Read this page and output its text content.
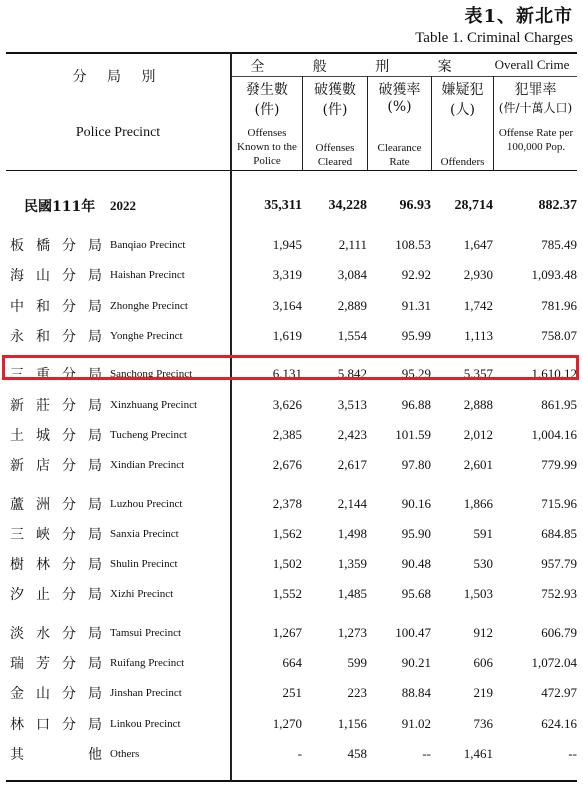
表1、新北市
Table 1. Criminal Charges
分 局 別
Police Precinct
全 般 刑 案	Overall Crime
發生數
(件)
Offenses Known to the Police
破獲數
(件)
Offenses Cleared
破獲率
(%)
Clearance Rate
嫌疑犯
(人)
Offenders
犯罪率
(件/十萬人口)
Offense Rate per 100,000 Pop.
民國111年	2022	35,311	34,228	96.93	28,714	882.37

板 橋 分 局	Banqiao Precinct	1,945	2,111	108.53	1,647	785.49

海 山 分 局	Haishan Precinct	3,319	3,084	92.92	2,930	1,093.48

中 和 分 局	Zhonghe Precinct	3,164	2,889	91.31	1,742	781.96

永 和 分 局	Yonghe Precinct	1,619	1,554	95.99	1,113	758.07

三 重 分 局	Sanchong Precinct	6,131	5,842	95.29	5,357	1,610.12

新 莊 分 局	Xinzhuang Precinct	3,626	3,513	96.88	2,888	861.95

土 城 分 局	Tucheng Precinct	2,385	2,423	101.59	2,012	1,004.16

新 店 分 局	Xindian Precinct	2,676	2,617	97.80	2,601	779.99

蘆 洲 分 局	Luzhou Precinct	2,378	2,144	90.16	1,866	715.96

三 峽 分 局	Sanxia Precinct	1,562	1,498	95.90	591	684.85

樹 林 分 局	Shulin Precinct	1,502	1,359	90.48	530	957.79

汐 止 分 局	Xizhi Precinct	1,552	1,485	95.68	1,503	752.93

淡 水 分 局	Tamsui Precinct	1,267	1,273	100.47	912	606.79

瑞 芳 分 局	Ruifang Precinct	664	599	90.21	606	1,072.04

金 山 分 局	Jinshan Precinct	251	223	88.84	219	472.97

林 口 分 局	Linkou Precinct	1,270	1,156	91.02	736	624.16

其 他	Others	-	458	--	1,461	--
